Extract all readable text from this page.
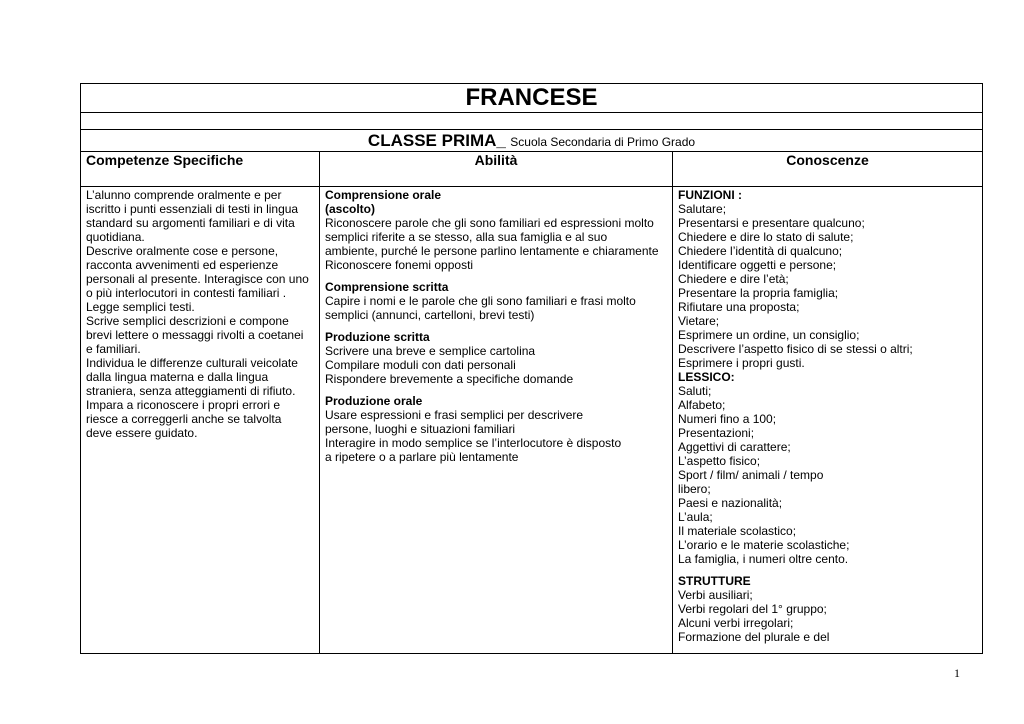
FRANCESE
CLASSE PRIMA_ Scuola Secondaria di Primo Grado
Competenze Specifiche	Abilità	Conoscenze
L’alunno comprende oralmente e per
iscritto i punti essenziali di testi in lingua
standard su argomenti familiari e di vita
quotidiana.
Descrive oralmente cose e persone,
racconta avvenimenti ed esperienze
personali al presente. Interagisce con uno
o più interlocutori in contesti familiari .
Legge semplici testi.
Scrive semplici descrizioni e compone
brevi lettere o messaggi rivolti a coetanei
e familiari.
Individua le differenze culturali veicolate
dalla lingua materna e dalla lingua
straniera, senza atteggiamenti di rifiuto.
Impara a riconoscere i propri errori e
riesce a correggerli anche se talvolta
deve essere guidato.
Comprensione orale
(ascolto)
Riconoscere parole che gli sono familiari ed espressioni molto
semplici riferite a se stesso, alla sua famiglia e al suo
ambiente, purché le persone parlino lentamente e chiaramente
Riconoscere fonemi opposti
Comprensione scritta
Capire i nomi e le parole che gli sono familiari e frasi molto
semplici (annunci, cartelloni, brevi testi)
Produzione scritta
Scrivere una breve e semplice cartolina
Compilare moduli con dati personali
Rispondere brevemente a specifiche domande
Produzione orale
Usare espressioni e frasi semplici per descrivere
persone, luoghi e situazioni familiari
Interagire in modo semplice se l’interlocutore è disposto
a ripetere o a parlare più lentamente
FUNZIONI :
Salutare;
Presentarsi e presentare qualcuno;
Chiedere e dire lo stato di salute;
Chiedere l’identità di qualcuno;
Identificare oggetti e persone;
Chiedere e dire l’età;
Presentare la propria famiglia;
Rifiutare una proposta;
Vietare;
Esprimere un ordine, un consiglio;
Descrivere l’aspetto fisico di se stessi o altri;
Esprimere i propri gusti.
LESSICO:
Saluti;
Alfabeto;
Numeri fino a 100;
Presentazioni;
Aggettivi di carattere;
L’aspetto fisico;
Sport / film/ animali / tempo
libero;
Paesi e nazionalità;
L’aula;
Il materiale scolastico;
L’orario e le materie scolastiche;
La famiglia, i numeri oltre cento.
STRUTTURE
Verbi ausiliari;
Verbi regolari del 1° gruppo;
Alcuni verbi irregolari;
Formazione del plurale e del
1
